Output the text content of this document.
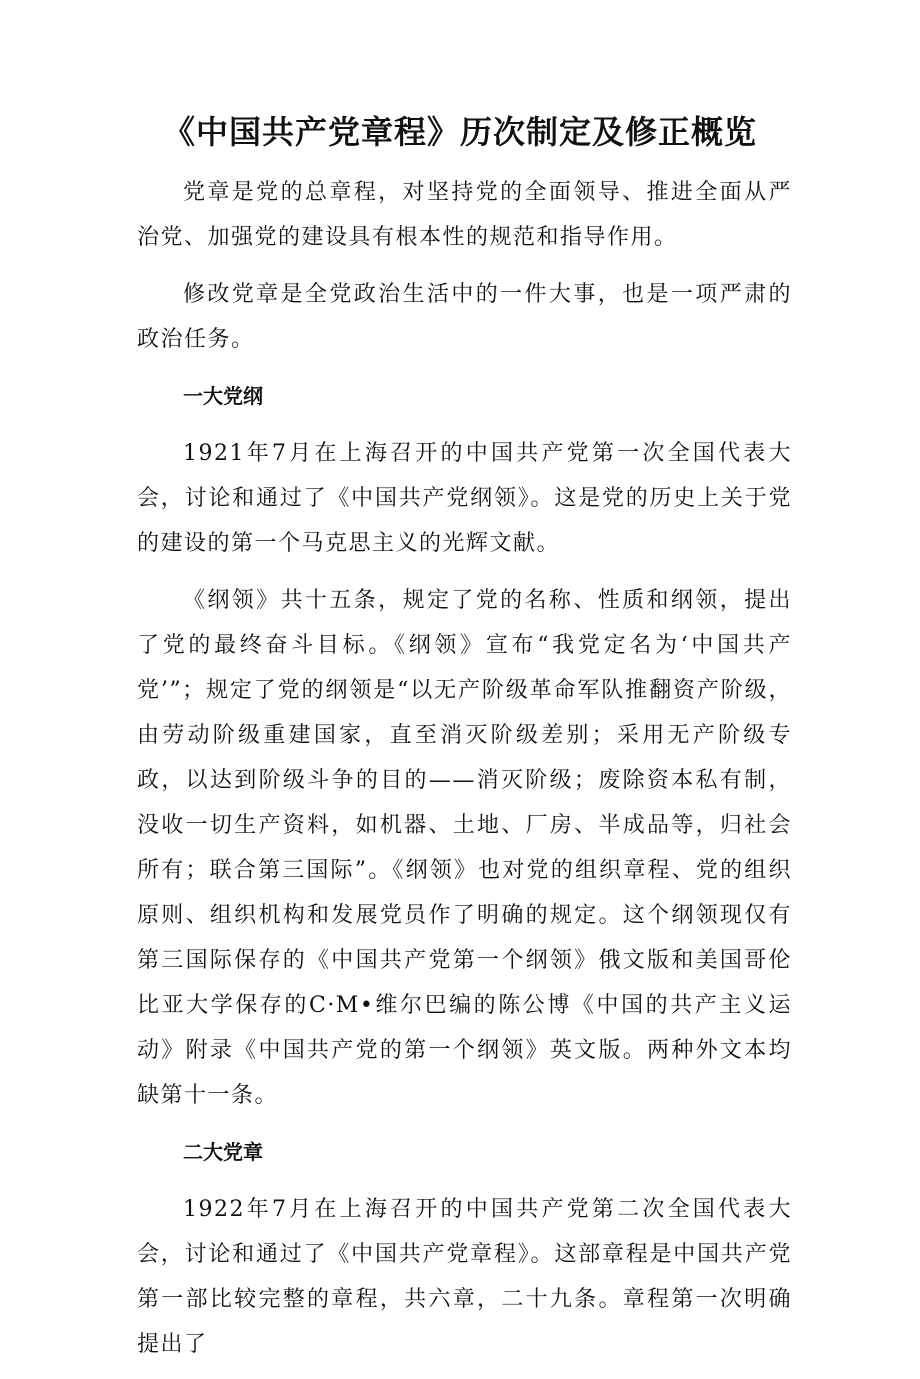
《中国共产党章程》历次制定及修正概览

党章是党的总章程，对坚持党的全面领导、推进全面从严治党、加强党的建设具有根本性的规范和指导作用。

修改党章是全党政治生活中的一件大事，也是一项严肃的政治任务。

一大党纲

1921年7月在上海召开的中国共产党第一次全国代表大会，讨论和通过了《中国共产党纲领》。这是党的历史上关于党的建设的第一个马克思主义的光辉文献。

《纲领》共十五条，规定了党的名称、性质和纲领，提出了党的最终奋斗目标。《纲领》宣布“我党定名为‘中国共产党’”；规定了党的纲领是“以无产阶级革命军队推翻资产阶级，由劳动阶级重建国家，直至消灭阶级差别；采用无产阶级专政，以达到阶级斗争的目的——消灭阶级；废除资本私有制，没收一切生产资料，如机器、土地、厂房、半成品等，归社会所有；联合第三国际”。《纲领》也对党的组织章程、党的组织原则、组织机构和发展党员作了明确的规定。这个纲领现仅有第三国际保存的《中国共产党第一个纲领》俄文版和美国哥伦比亚大学保存的C·M•维尔巴编的陈公博《中国的共产主义运动》附录《中国共产党的第一个纲领》英文版。两种外文本均缺第十一条。

二大党章

1922年7月在上海召开的中国共产党第二次全国代表大会，讨论和通过了《中国共产党章程》。这部章程是中国共产党第一部比较完整的章程，共六章，二十九条。章程第一次明确提出了
